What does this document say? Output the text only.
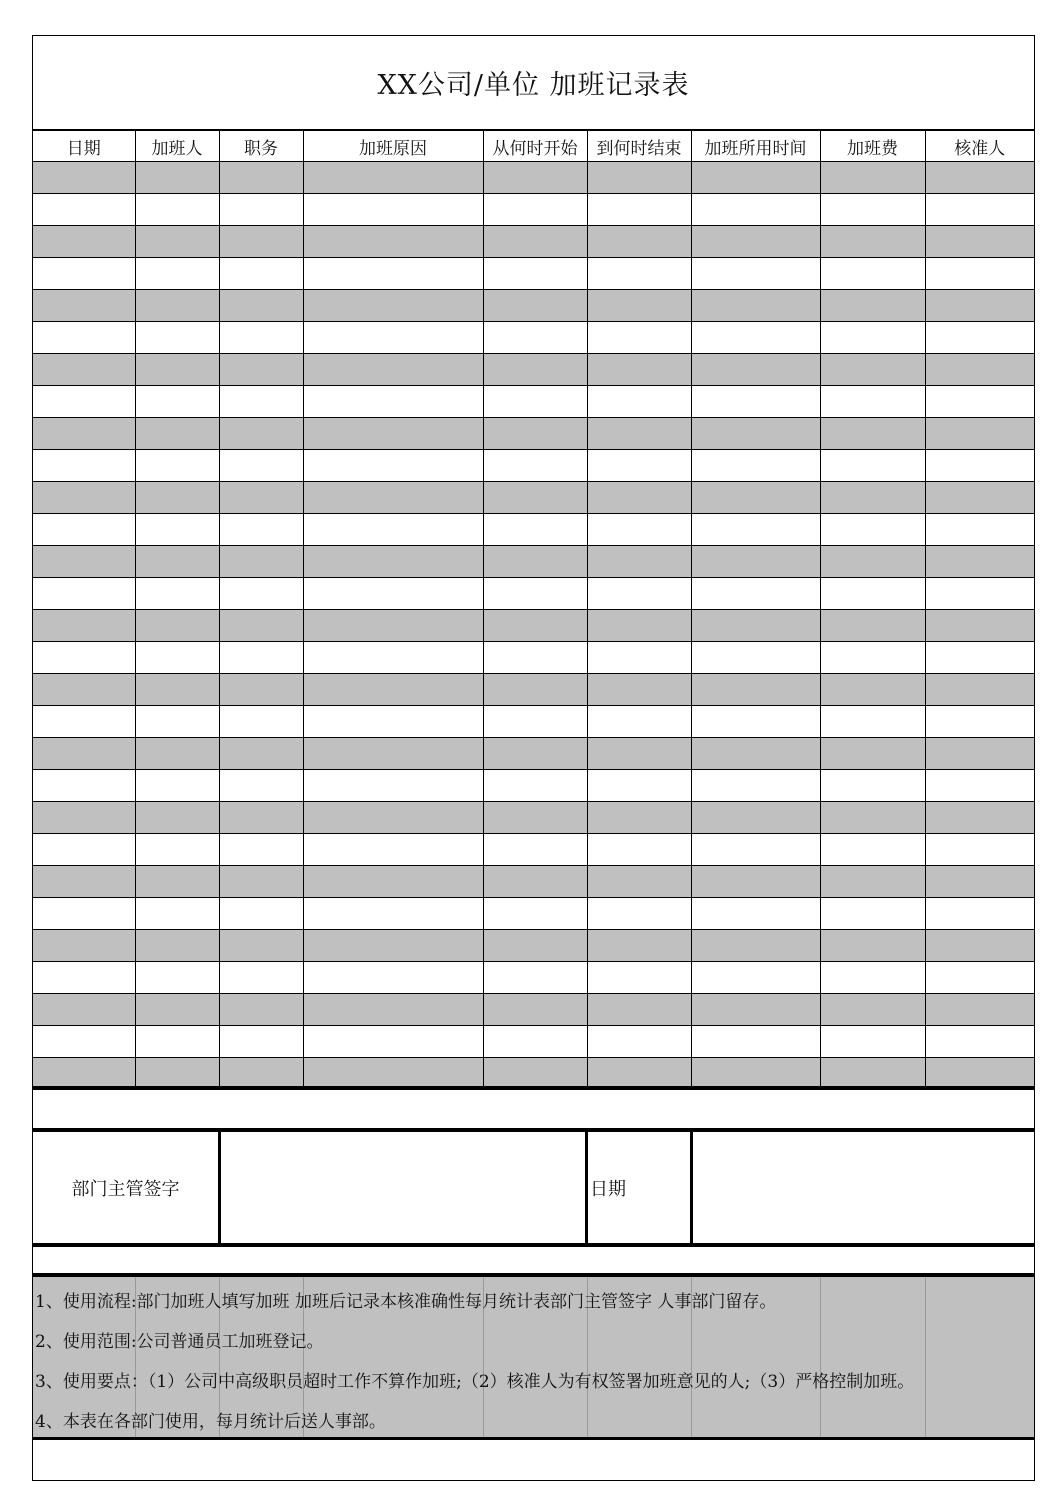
XX公司/单位 加班记录表
日期	加班人	职务	加班原因	从何时开始	到何时结束	加班所用时间	加班费	核准人

部门主管签字	日期
1、使用流程:部门加班人填写加班 加班后记录本核准确性每月统计表部门主管签字 人事部门留存。
2、使用范围:公司普通员工加班登记。
3、使用要点：（1）公司中高级职员超时工作不算作加班;（2）核准人为有权签署加班意见的人;（3）严格控制加班。
4、本表在各部门使用，每月统计后送人事部。
